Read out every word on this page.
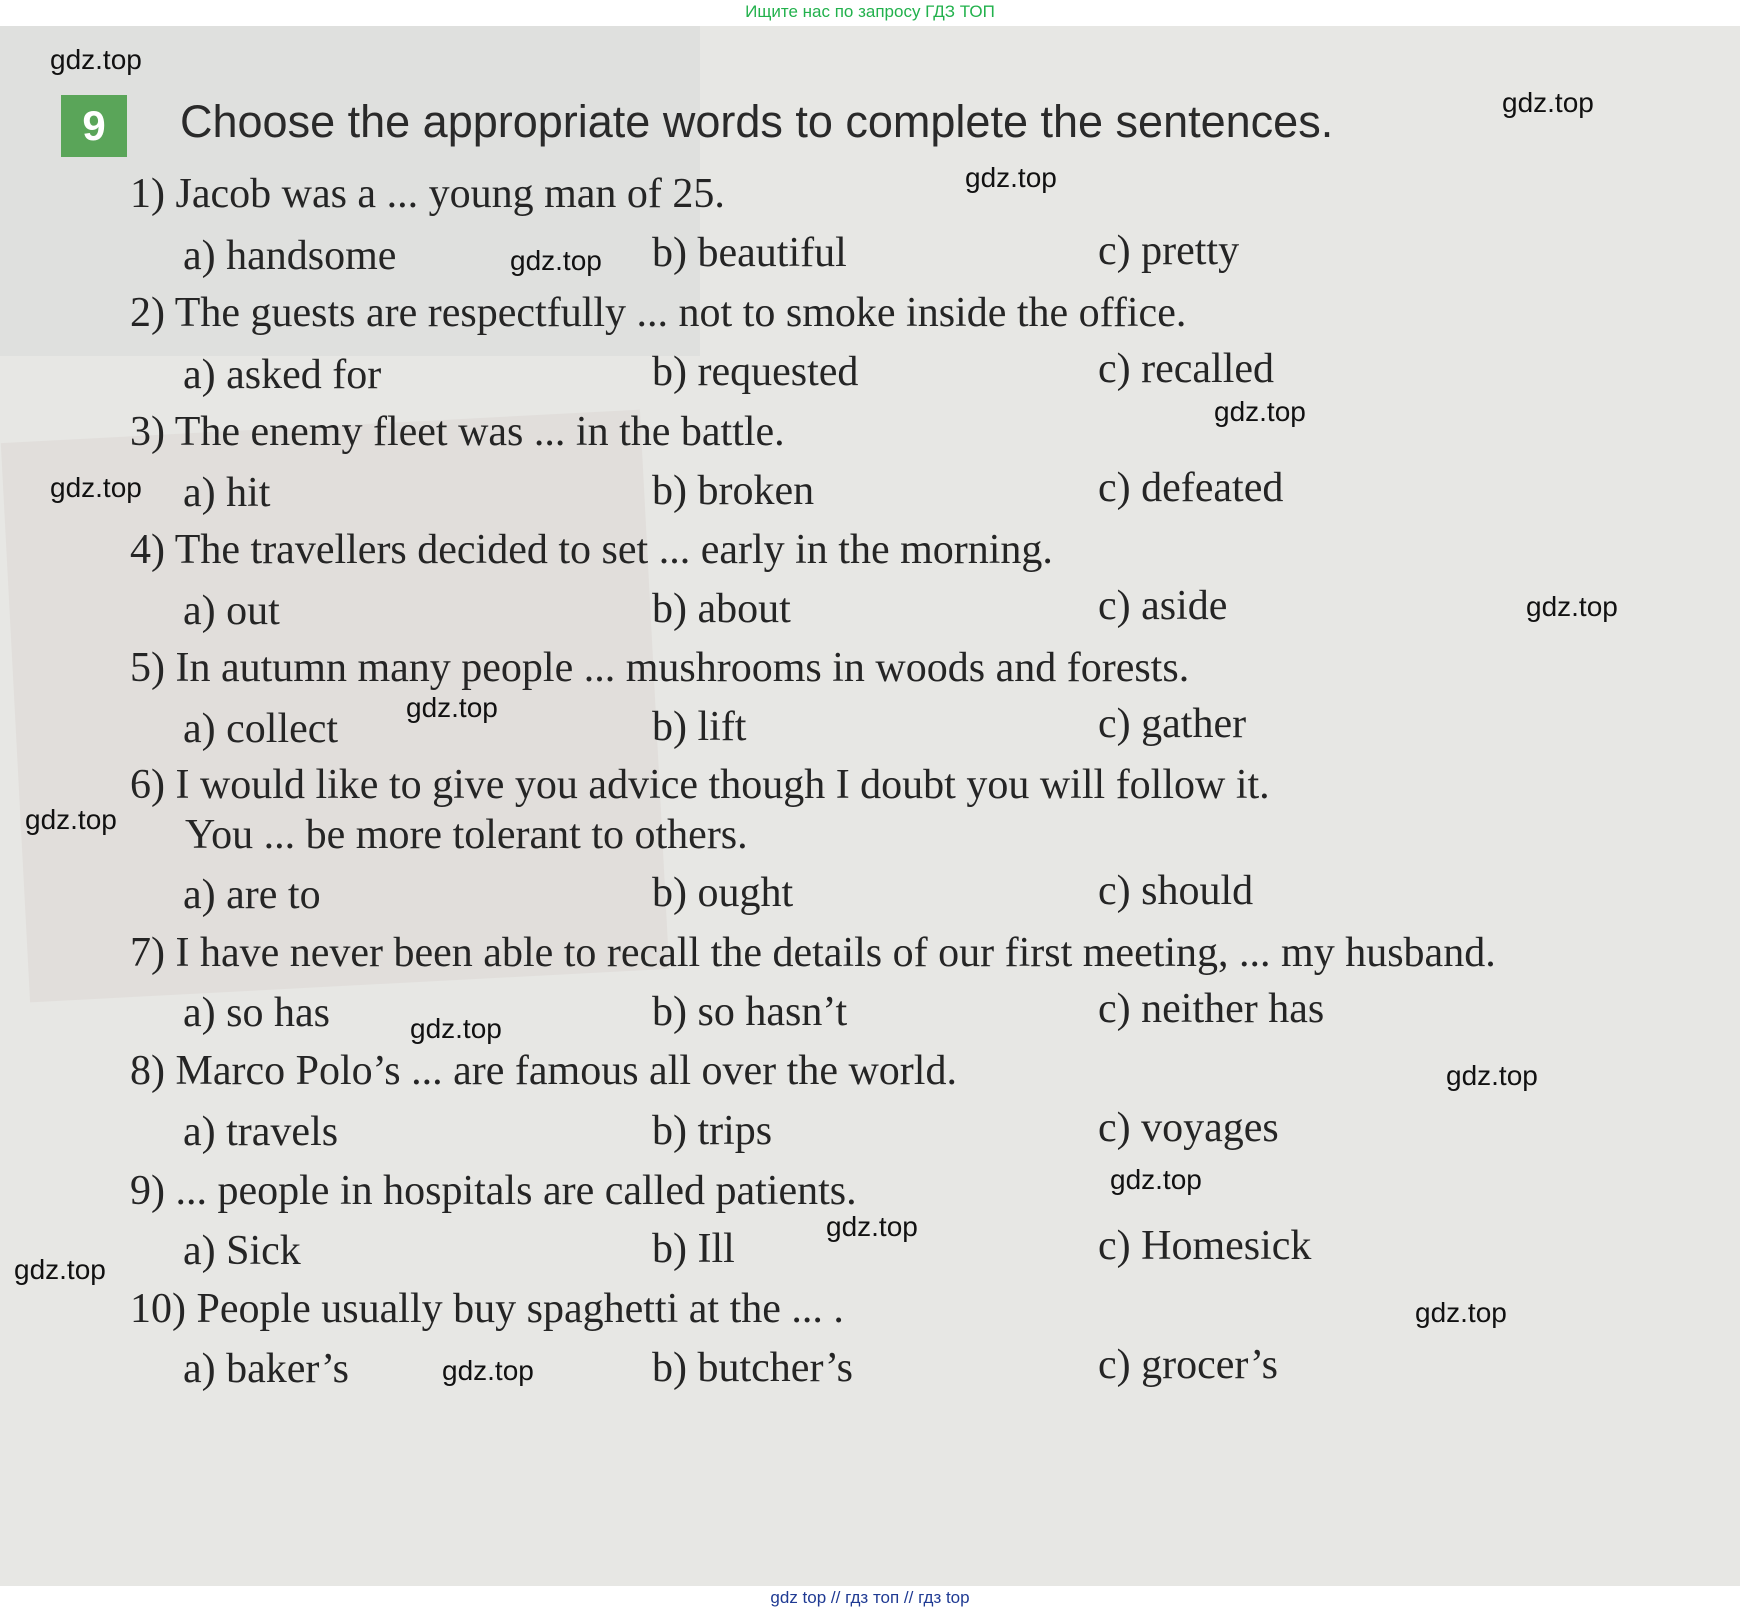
Ищите нас по запросу ГДЗ ТОП
9	Choose the appropriate words to complete the sentences.
1) Jacob was a ... young man of 25.
a) handsome	b) beautiful	c) pretty
2) The guests are respectfully ... not to smoke inside the office.
a) asked for	b) requested	c) recalled
3) The enemy fleet was ... in the battle.
a) hit	b) broken	c) defeated
4) The travellers decided to set ... early in the morning.
a) out	b) about	c) aside
5) In autumn many people ... mushrooms in woods and forests.
a) collect	b) lift	c) gather
6) I would like to give you advice though I doubt you will follow it.
You ... be more tolerant to others.
a) are to	b) ought	c) should
7) I have never been able to recall the details of our first meeting, ... my husband.
a) so has	b) so hasn’t	c) neither has
8) Marco Polo’s ... are famous all over the world.
a) travels	b) trips	c) voyages
9) ... people in hospitals are called patients.
a) Sick	b) Ill	c) Homesick
10) People usually buy spaghetti at the ... .
a) baker’s	b) butcher’s	c) grocer’s
gdz.top
gdz.top
gdz.top
gdz.top
gdz.top
gdz.top
gdz.top
gdz.top
gdz.top
gdz.top
gdz.top
gdz.top
gdz.top
gdz.top
gdz.top
gdz.top
gdz top // гдз топ // гдз top
